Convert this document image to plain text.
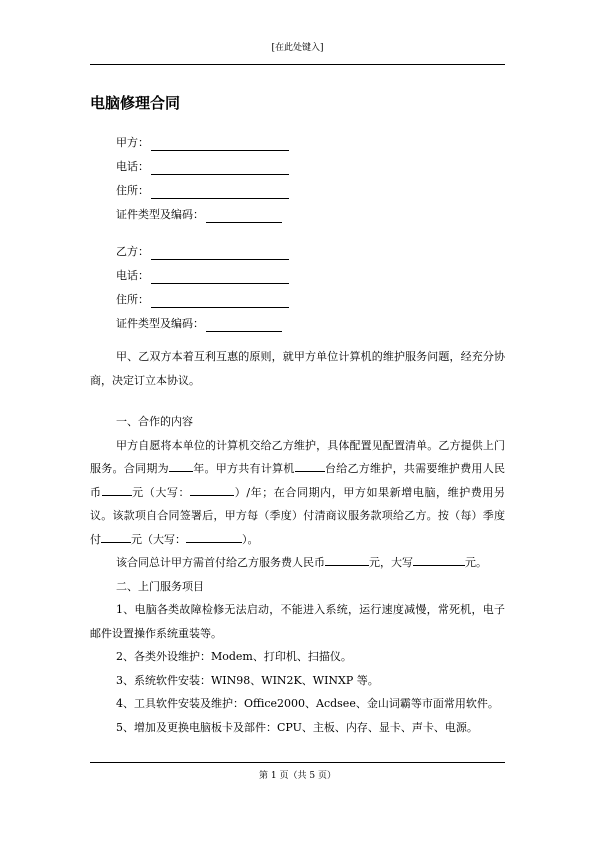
[在此处键入]
电脑修理合同
甲方：
电话：
住所：
证件类型及编码：
乙方：
电话：
住所：
证件类型及编码：

甲、乙双方本着互利互惠的原则，就甲方单位计算机的维护服务问题，经充分协商，决定订立本协议。

一、合作的内容

甲方自愿将本单位的计算机交给乙方维护，具体配置见配置清单。乙方提供上门服务。合同期为 年。甲方共有计算机	台给乙方维护，共需要维护费用人民币	元（大写：	）/年；在合同期内，甲方如果新增电脑，维护费用另议。该款项自合同签署后，甲方每（季度）付清商议服务款项给乙方。按（每）季度付	元（大写：	）。

该合同总计甲方需首付给乙方服务费人民币	元，大写	元。

二、上门服务项目

1、电脑各类故障检修无法启动，不能进入系统，运行速度减慢，常死机，电子邮件设置操作系统重装等。

2、各类外设维护：Modem、打印机、扫描仪。

3、系统软件安装：WIN98、WIN2K、WINXP 等。

4、工具软件安装及维护：Office2000、Acdsee、金山词霸等市面常用软件。

5、增加及更换电脑板卡及部件：CPU、主板、内存、显卡、声卡、电源。

第 1 页（共 5 页）
